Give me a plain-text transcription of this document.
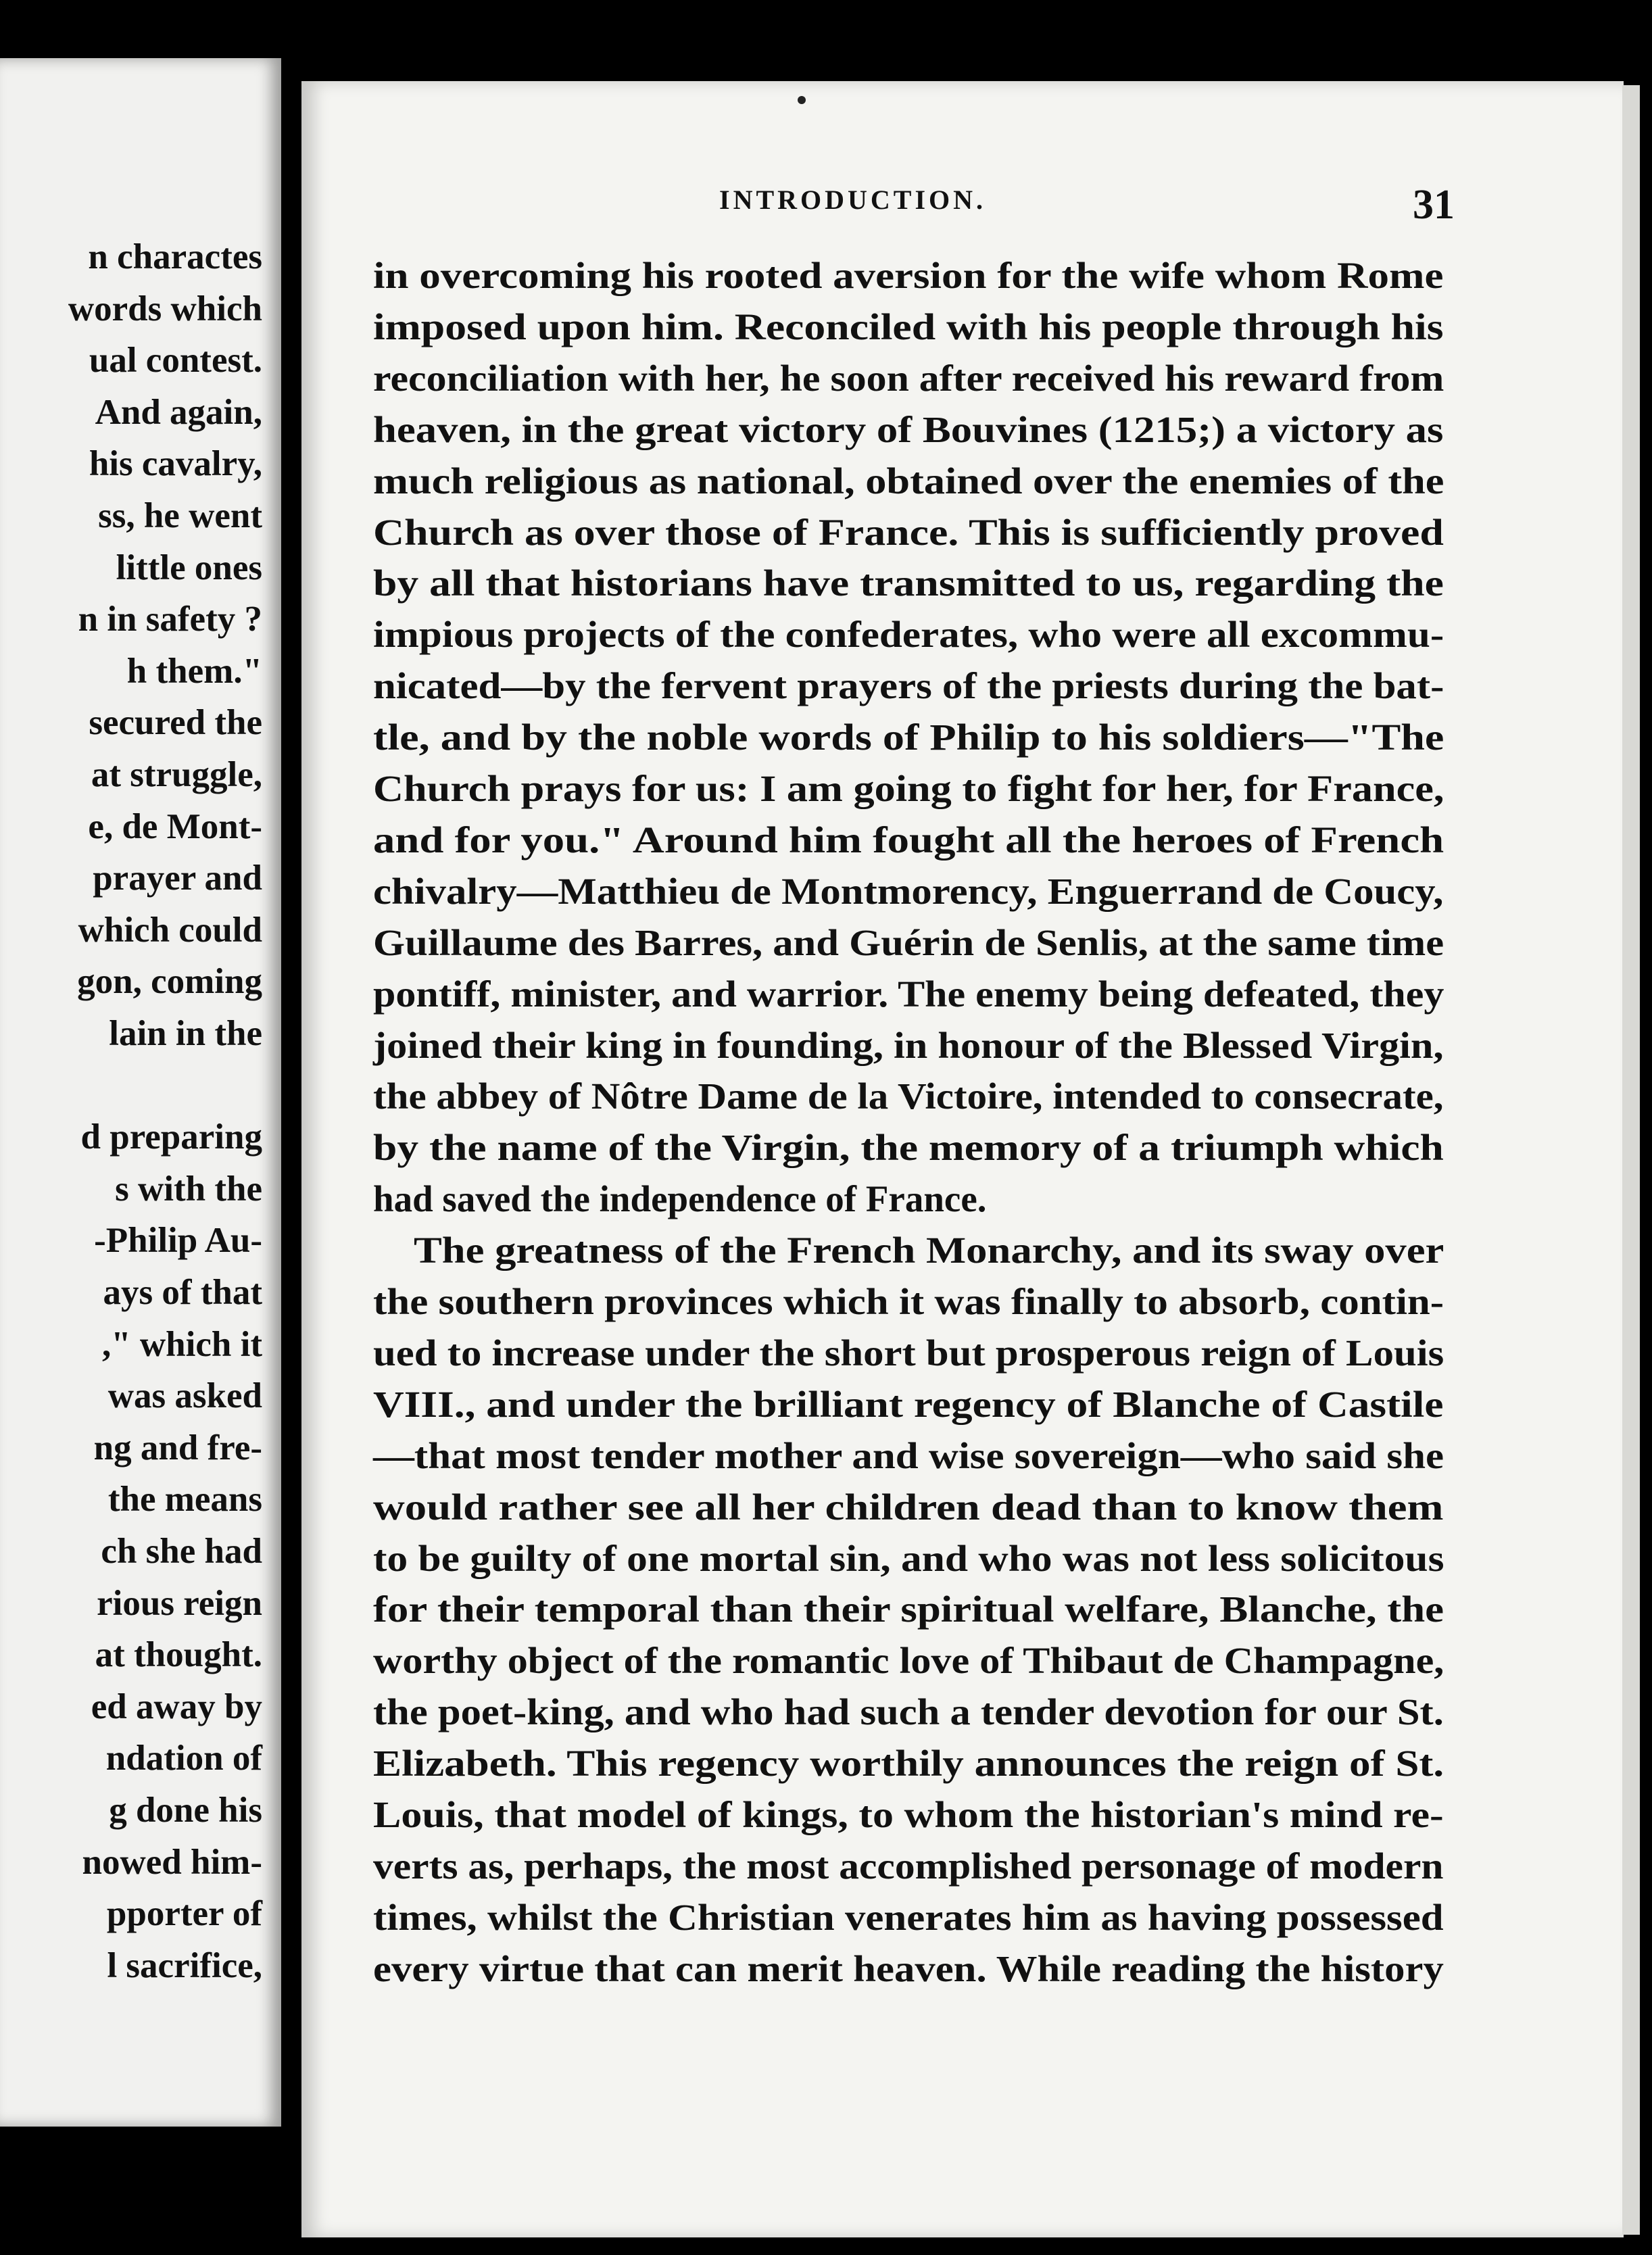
n charactes
words which
ual contest.
And again,
his cavalry,
ss, he went
little ones
n in safety ?
h them."
secured the
at struggle,
e, de Mont-
prayer and
which could
gon, coming
lain in the
d preparing
s with the
-Philip Au-
ays of that
," which it
was asked
ng and fre-
the means
ch she had
rious reign
at thought.
ed away by
ndation of
g done his
nowed him-
pporter of
l sacrifice,
INTRODUCTION.	31
in overcoming his rooted aversion for the wife whom Rome
imposed upon him. Reconciled with his people through his
reconciliation with her, he soon after received his reward from
heaven, in the great victory of Bouvines (1215;) a victory as
much religious as national, obtained over the enemies of the
Church as over those of France. This is sufficiently proved
by all that historians have transmitted to us, regarding the
impious projects of the confederates, who were all excommu-
nicated—by the fervent prayers of the priests during the bat-
tle, and by the noble words of Philip to his soldiers—"The
Church prays for us: I am going to fight for her, for France,
and for you." Around him fought all the heroes of French
chivalry—Matthieu de Montmorency, Enguerrand de Coucy,
Guillaume des Barres, and Guérin de Senlis, at the same time
pontiff, minister, and warrior. The enemy being defeated, they
joined their king in founding, in honour of the Blessed Virgin,
the abbey of Nôtre Dame de la Victoire, intended to consecrate,
by the name of the Virgin, the memory of a triumph which
had saved the independence of France.
The greatness of the French Monarchy, and its sway over
the southern provinces which it was finally to absorb, contin-
ued to increase under the short but prosperous reign of Louis
VIII., and under the brilliant regency of Blanche of Castile
—that most tender mother and wise sovereign—who said she
would rather see all her children dead than to know them
to be guilty of one mortal sin, and who was not less solicitous
for their temporal than their spiritual welfare, Blanche, the
worthy object of the romantic love of Thibaut de Champagne,
the poet-king, and who had such a tender devotion for our St.
Elizabeth. This regency worthily announces the reign of St.
Louis, that model of kings, to whom the historian's mind re-
verts as, perhaps, the most accomplished personage of modern
times, whilst the Christian venerates him as having possessed
every virtue that can merit heaven. While reading the history
